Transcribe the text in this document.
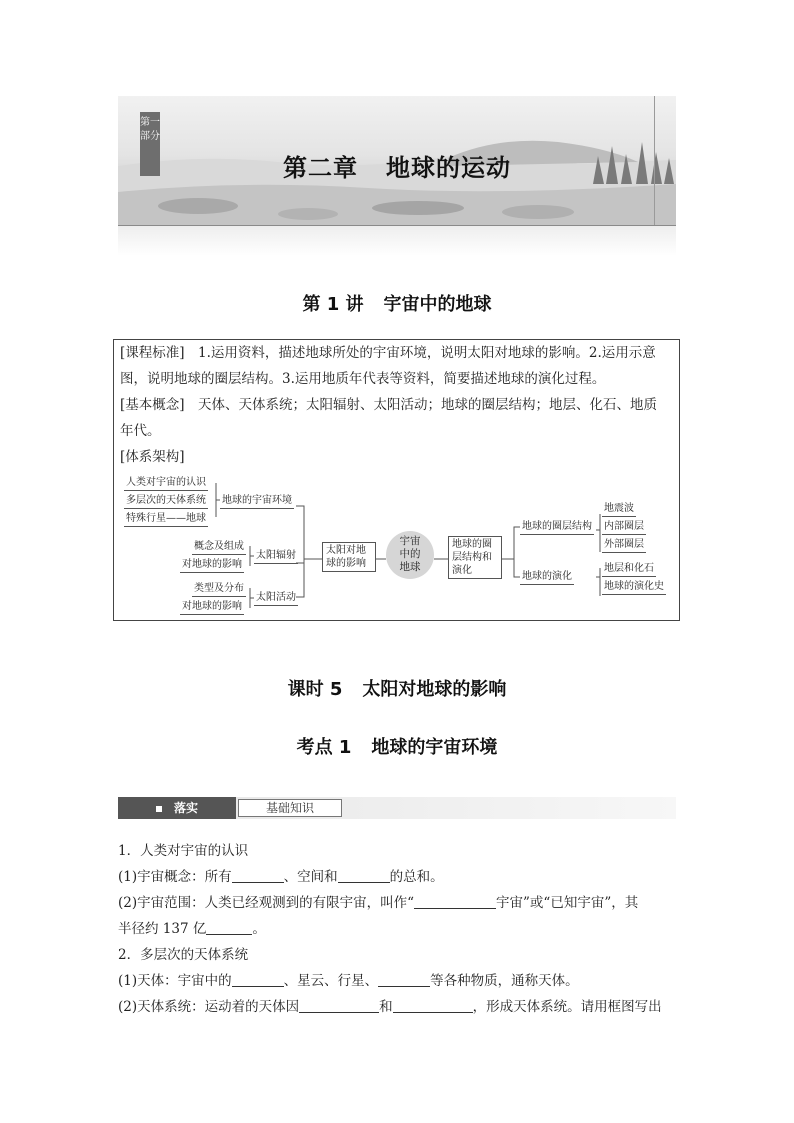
第一部分
第二章 地球的运动
第 1 讲 宇宙中的地球

[课程标准]　1.运用资料，描述地球所处的宇宙环境，说明太阳对地球的影响。2.运用示意

图，说明地球的圈层结构。3.运用地质年代表等资料，简要描述地球的演化过程。

[基本概念]　天体、天体系统；太阳辐射、太阳活动；地球的圈层结构；地层、化石、地质

年代。

[体系架构]

人类对宇宙的认识
多层次的天体系统
特殊行星——地球
地球的宇宙环境
概念及组成
对地球的影响
太阳辐射
类型及分布
对地球的影响
太阳活动
太阳对地
球的影响
宇宙
中的
地球
地球的圈
层结构和
演化
地球的圈层结构
地震波
内部圈层
外部圈层
地球的演化
地层和化石
地球的演化史
课时 5 太阳对地球的影响
考点 1 地球的宇宙环境
落实	基础知识

1．人类对宇宙的认识

(1)宇宙概念：所有	、空间和	的总和。

(2)宇宙范围：人类已经观测到的有限宇宙，叫作“	宇宙”或“已知宇宙”，其

半径约 137 亿	。

2．多层次的天体系统

(1)天体：宇宙中的	、星云、行星、	等各种物质，通称天体。

(2)天体系统：运动着的天体因	和	，形成天体系统。请用框图写出
